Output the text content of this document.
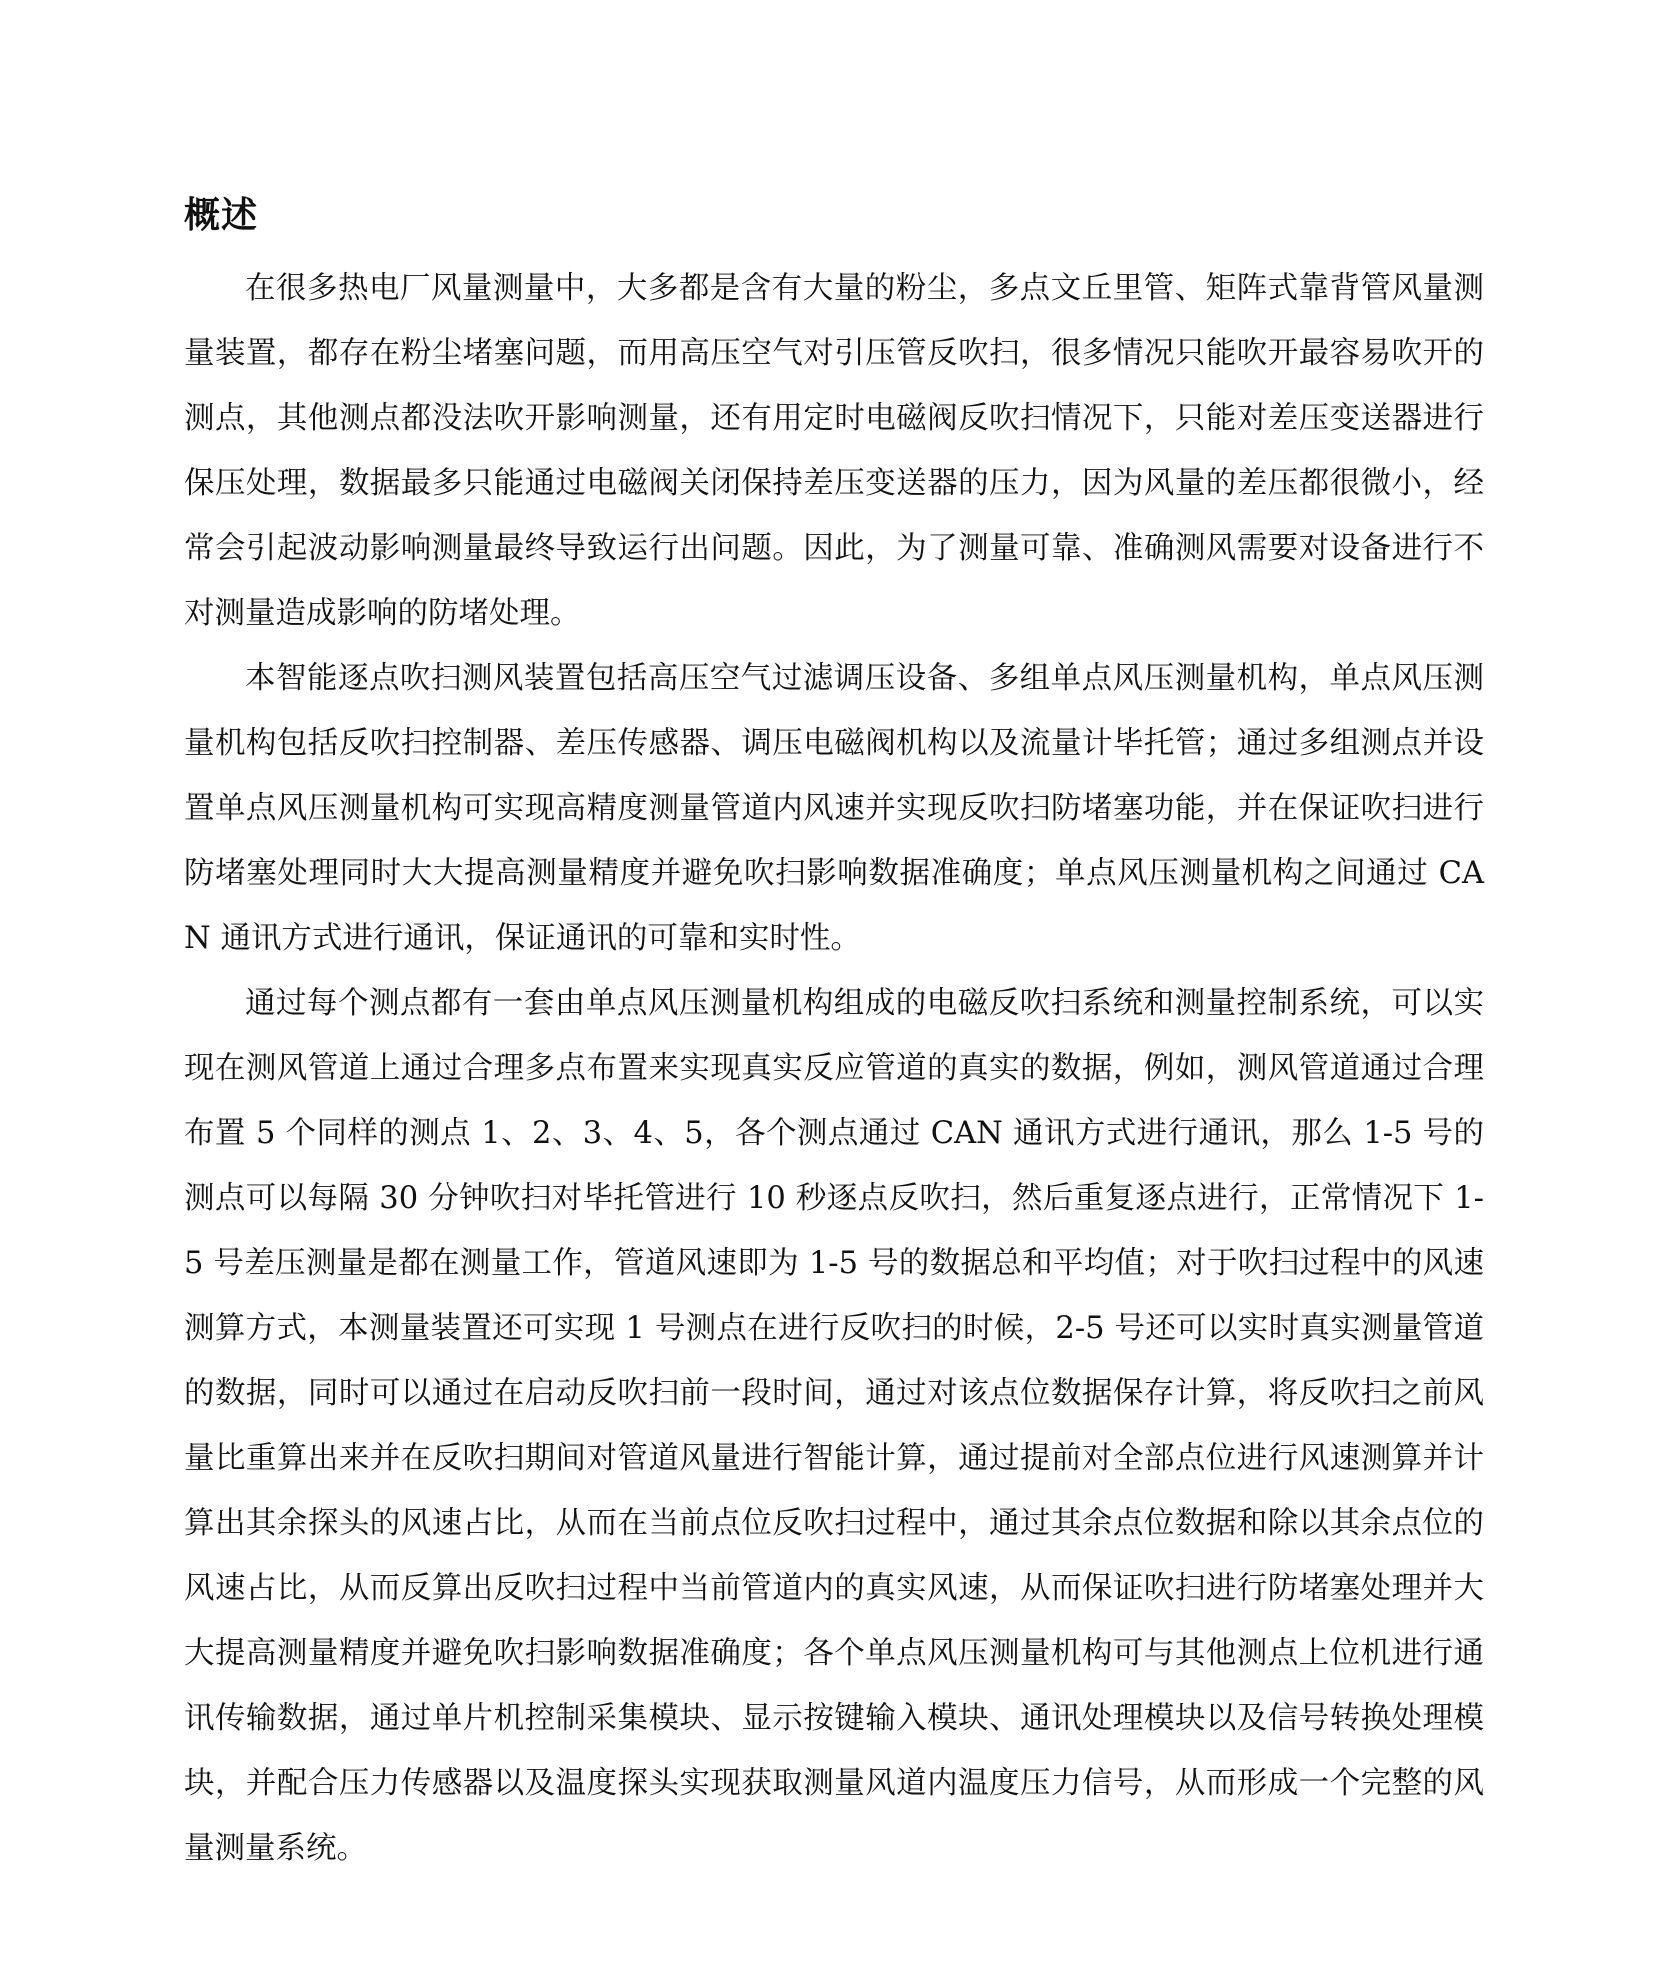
概述

在很多热电厂风量测量中，大多都是含有大量的粉尘，多点文丘里管、矩阵式靠背管风量测量装置，都存在粉尘堵塞问题，而用高压空气对引压管反吹扫，很多情况只能吹开最容易吹开的测点，其他测点都没法吹开影响测量，还有用定时电磁阀反吹扫情况下，只能对差压变送器进行保压处理，数据最多只能通过电磁阀关闭保持差压变送器的压力，因为风量的差压都很微小，经常会引起波动影响测量最终导致运行出问题。因此，为了测量可靠、准确测风需要对设备进行不对测量造成影响的防堵处理。

本智能逐点吹扫测风装置包括高压空气过滤调压设备、多组单点风压测量机构，单点风压测量机构包括反吹扫控制器、差压传感器、调压电磁阀机构以及流量计毕托管；通过多组测点并设置单点风压测量机构可实现高精度测量管道内风速并实现反吹扫防堵塞功能，并在保证吹扫进行防堵塞处理同时大大提高测量精度并避免吹扫影响数据准确度；单点风压测量机构之间通过 CAN 通讯方式进行通讯，保证通讯的可靠和实时性。

通过每个测点都有一套由单点风压测量机构组成的电磁反吹扫系统和测量控制系统，可以实现在测风管道上通过合理多点布置来实现真实反应管道的真实的数据，例如，测风管道通过合理布置 5 个同样的测点 1、2、3、4、5，各个测点通过 CAN 通讯方式进行通讯，那么 1-5 号的测点可以每隔 30 分钟吹扫对毕托管进行 10 秒逐点反吹扫，然后重复逐点进行，正常情况下 1-5 号差压测量是都在测量工作，管道风速即为 1-5 号的数据总和平均值；对于吹扫过程中的风速测算方式，本测量装置还可实现 1 号测点在进行反吹扫的时候，2-5 号还可以实时真实测量管道的数据，同时可以通过在启动反吹扫前一段时间，通过对该点位数据保存计算，将反吹扫之前风量比重算出来并在反吹扫期间对管道风量进行智能计算，通过提前对全部点位进行风速测算并计算出其余探头的风速占比，从而在当前点位反吹扫过程中，通过其余点位数据和除以其余点位的风速占比，从而反算出反吹扫过程中当前管道内的真实风速，从而保证吹扫进行防堵塞处理并大大提高测量精度并避免吹扫影响数据准确度；各个单点风压测量机构可与其他测点上位机进行通讯传输数据，通过单片机控制采集模块、显示按键输入模块、通讯处理模块以及信号转换处理模块，并配合压力传感器以及温度探头实现获取测量风道内温度压力信号，从而形成一个完整的风量测量系统。
